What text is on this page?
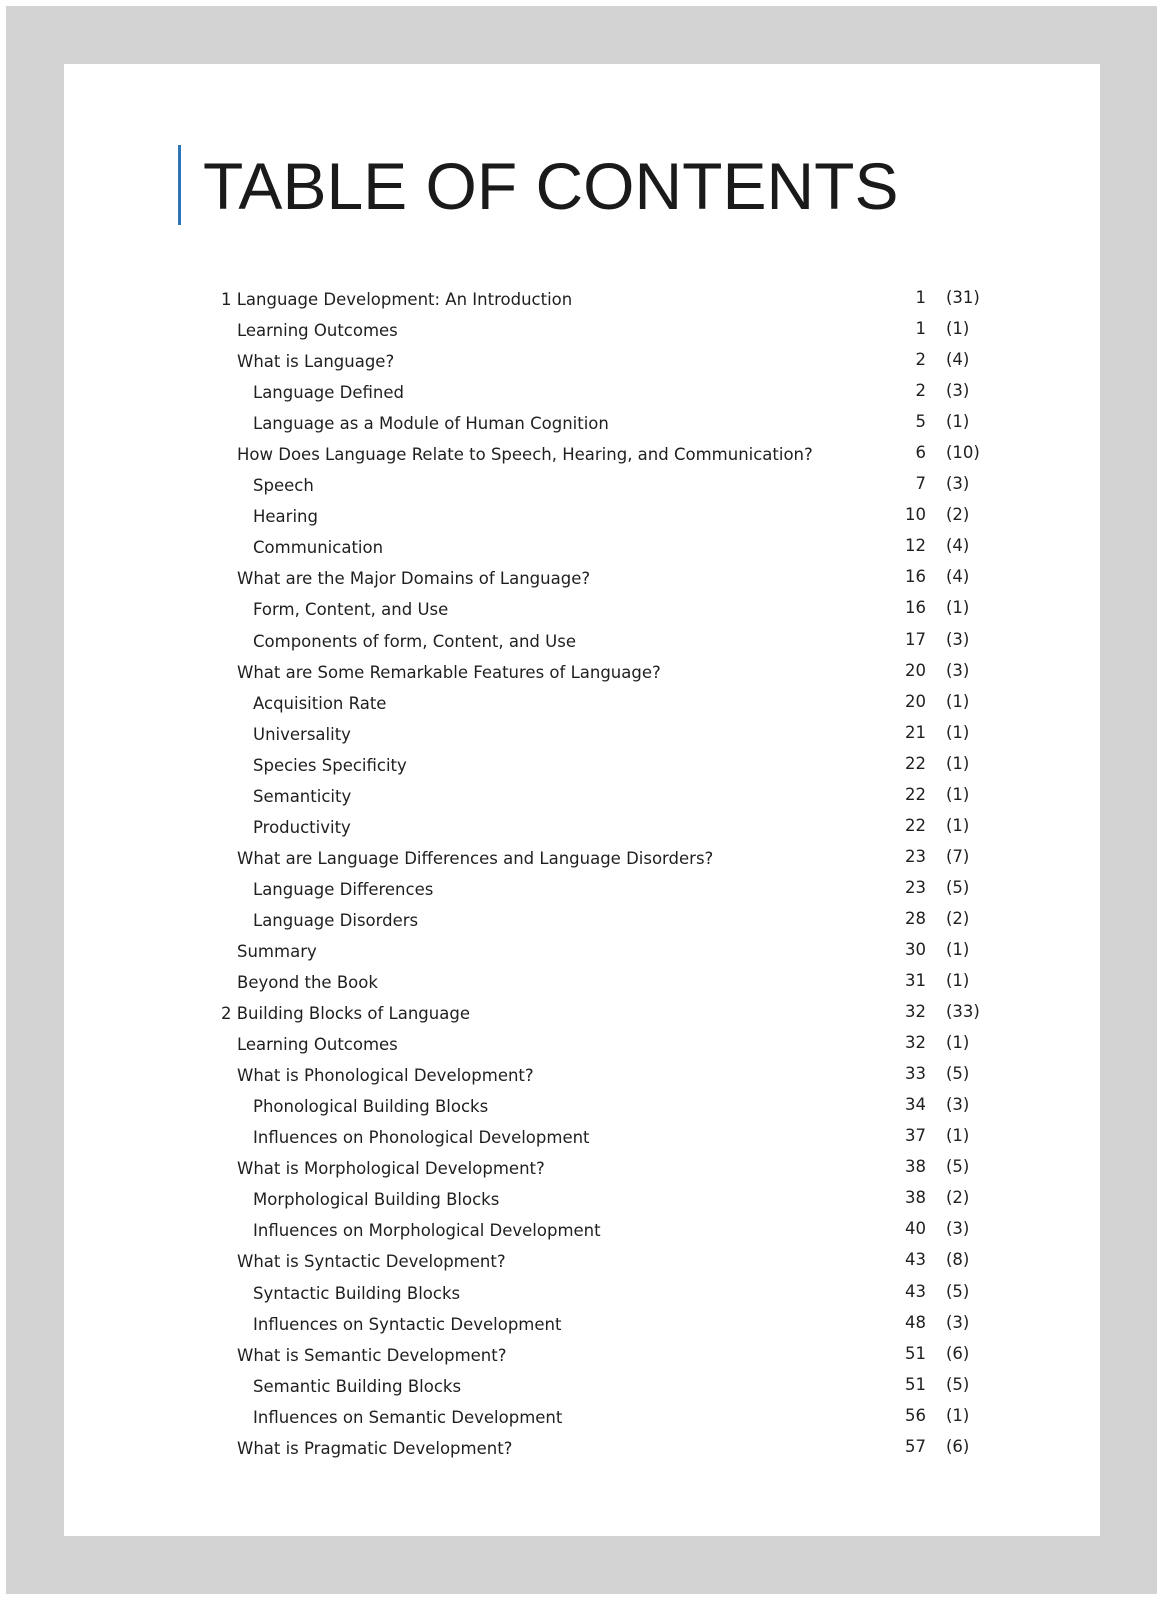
TABLE OF CONTENTS
1 Language Development: An Introduction	1 (31)
Learning Outcomes	1 (1)
What is Language?	2 (4)
Language Defined	2 (3)
Language as a Module of Human Cognition	5 (1)
How Does Language Relate to Speech, Hearing, and Communication?	6 (10)
Speech	7 (3)
Hearing	10 (2)
Communication	12 (4)
What are the Major Domains of Language?	16 (4)
Form, Content, and Use	16 (1)
Components of form, Content, and Use	17 (3)
What are Some Remarkable Features of Language?	20 (3)
Acquisition Rate	20 (1)
Universality	21 (1)
Species Specificity	22 (1)
Semanticity	22 (1)
Productivity	22 (1)
What are Language Differences and Language Disorders?	23 (7)
Language Differences	23 (5)
Language Disorders	28 (2)
Summary	30 (1)
Beyond the Book	31 (1)
2 Building Blocks of Language	32 (33)
Learning Outcomes	32 (1)
What is Phonological Development?	33 (5)
Phonological Building Blocks	34 (3)
Influences on Phonological Development	37 (1)
What is Morphological Development?	38 (5)
Morphological Building Blocks	38 (2)
Influences on Morphological Development	40 (3)
What is Syntactic Development?	43 (8)
Syntactic Building Blocks	43 (5)
Influences on Syntactic Development	48 (3)
What is Semantic Development?	51 (6)
Semantic Building Blocks	51 (5)
Influences on Semantic Development	56 (1)
What is Pragmatic Development?	57 (6)
